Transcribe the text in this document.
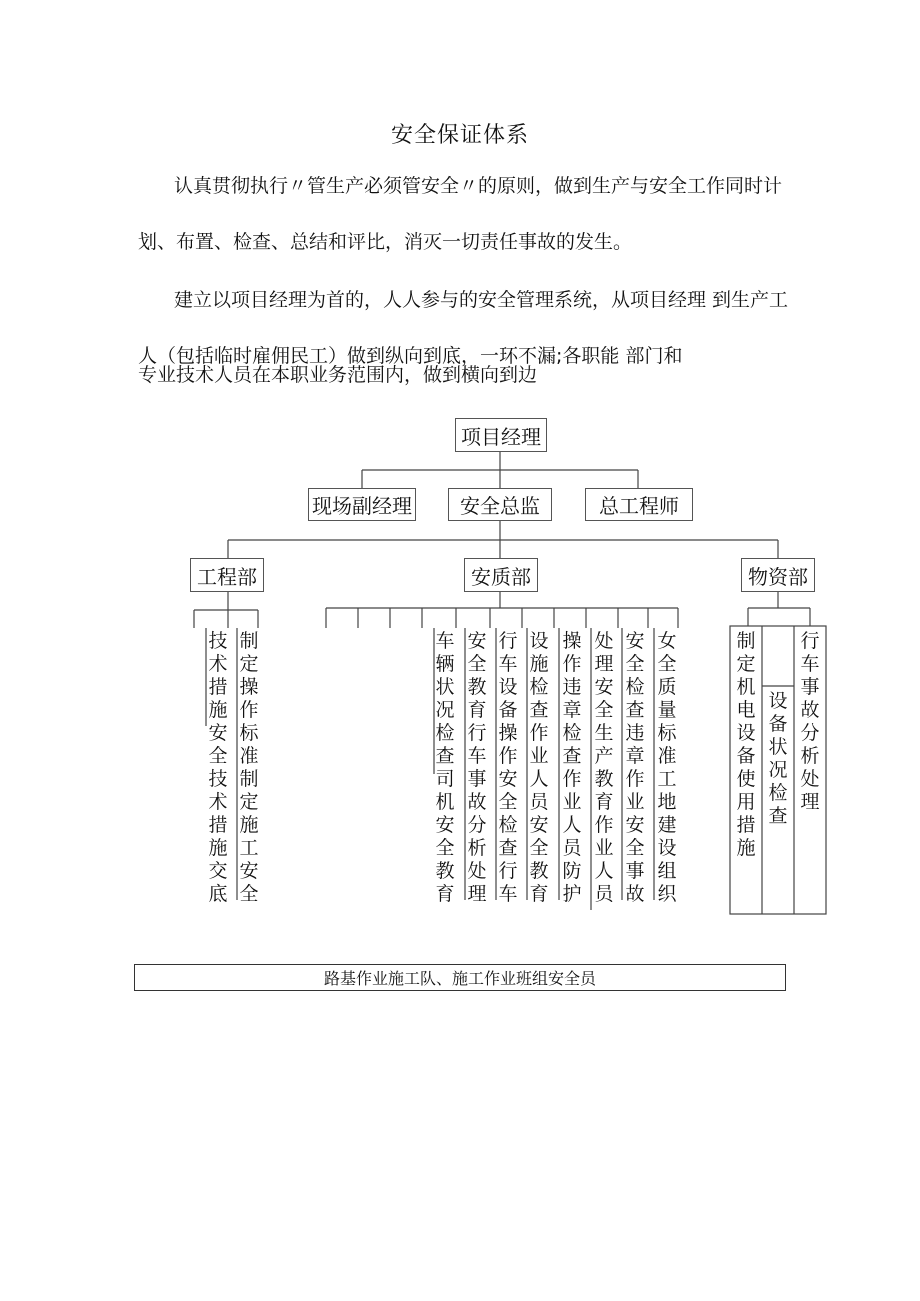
安全保证体系
认真贯彻执行〃管生产必须管安全〃的原则，做到生产与安全工作同时计划、布置、检查、总结和评比，消灭一切责任事故的发生。
建立以项目经理为首的，人人参与的安全管理系统，从项目经理 到生产工人（包括临时雇佣民工）做到纵向到底，一环不漏;各职能 部门和
专业技术人员在本职业务范围内，做到横向到边
项目经理
现场副经理	安全总监	总工程师
工程部	安质部	物资部
技术措施 安全技术措施交底
制定操作标准 制定施工安全
车辆状况检查 司机安全教育
安全教育 行车事故分析处理
行车设备操作安全检查 行车
设施检查 作业人员安全教育
操作违章检查 作业人员防护
处理 安全生产教育 作业人员
安全检查 违章作业安全事故
女全质量标准工地建设 组织
制定机电设备使用措施
设备状况检查
行车事故分析处理
路基作业施工队、施工作业班组安全员
